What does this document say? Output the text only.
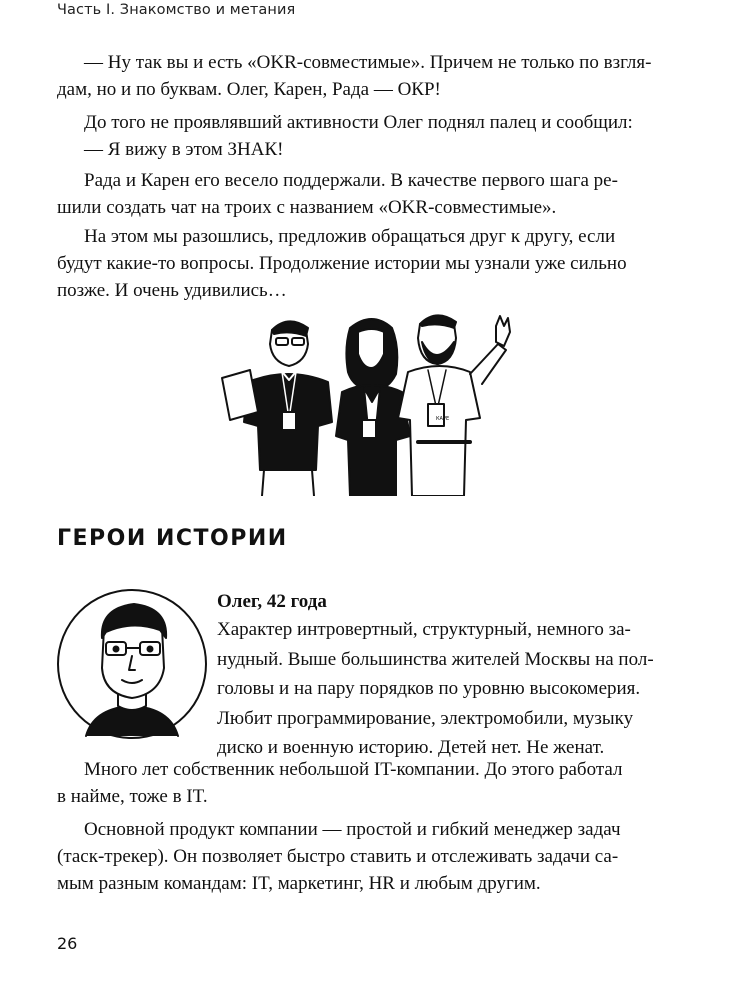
Часть I. Знакомство и метания

— Ну так вы и есть «OKR-совместимые». Причем не только по взгля-
дам, но и по буквам. Олег, Карен, Рада — ОКР!

До того не проявлявший активности Олег поднял палец и сообщил:
— Я вижу в этом ЗНАК!

Рада и Карен его весело поддержали. В качестве первого шага ре-
шили создать чат на троих с названием «OKR-совместимые».

На этом мы разошлись, предложив обращаться друг к другу, если
будут какие-то вопросы. Продолжение истории мы узнали уже сильно
позже. И очень удивились…

КАРЕ
ГЕРОИ ИСТОРИИ
Олег, 42 года
Характер интровертный, структурный, немного за-
нудный. Выше большинства жителей Москвы на пол-
головы и на пару порядков по уровню высокомерия.
Любит программирование, электромобили, музыку
диско и военную историю. Детей нет. Не женат.

Много лет собственник небольшой IT-компании. До этого работал
в найме, тоже в IT.

Основной продукт компании — простой и гибкий менеджер задач
(таск-трекер). Он позволяет быстро ставить и отслеживать задачи са-
мым разным командам: IT, маркетинг, HR и любым другим.

26
